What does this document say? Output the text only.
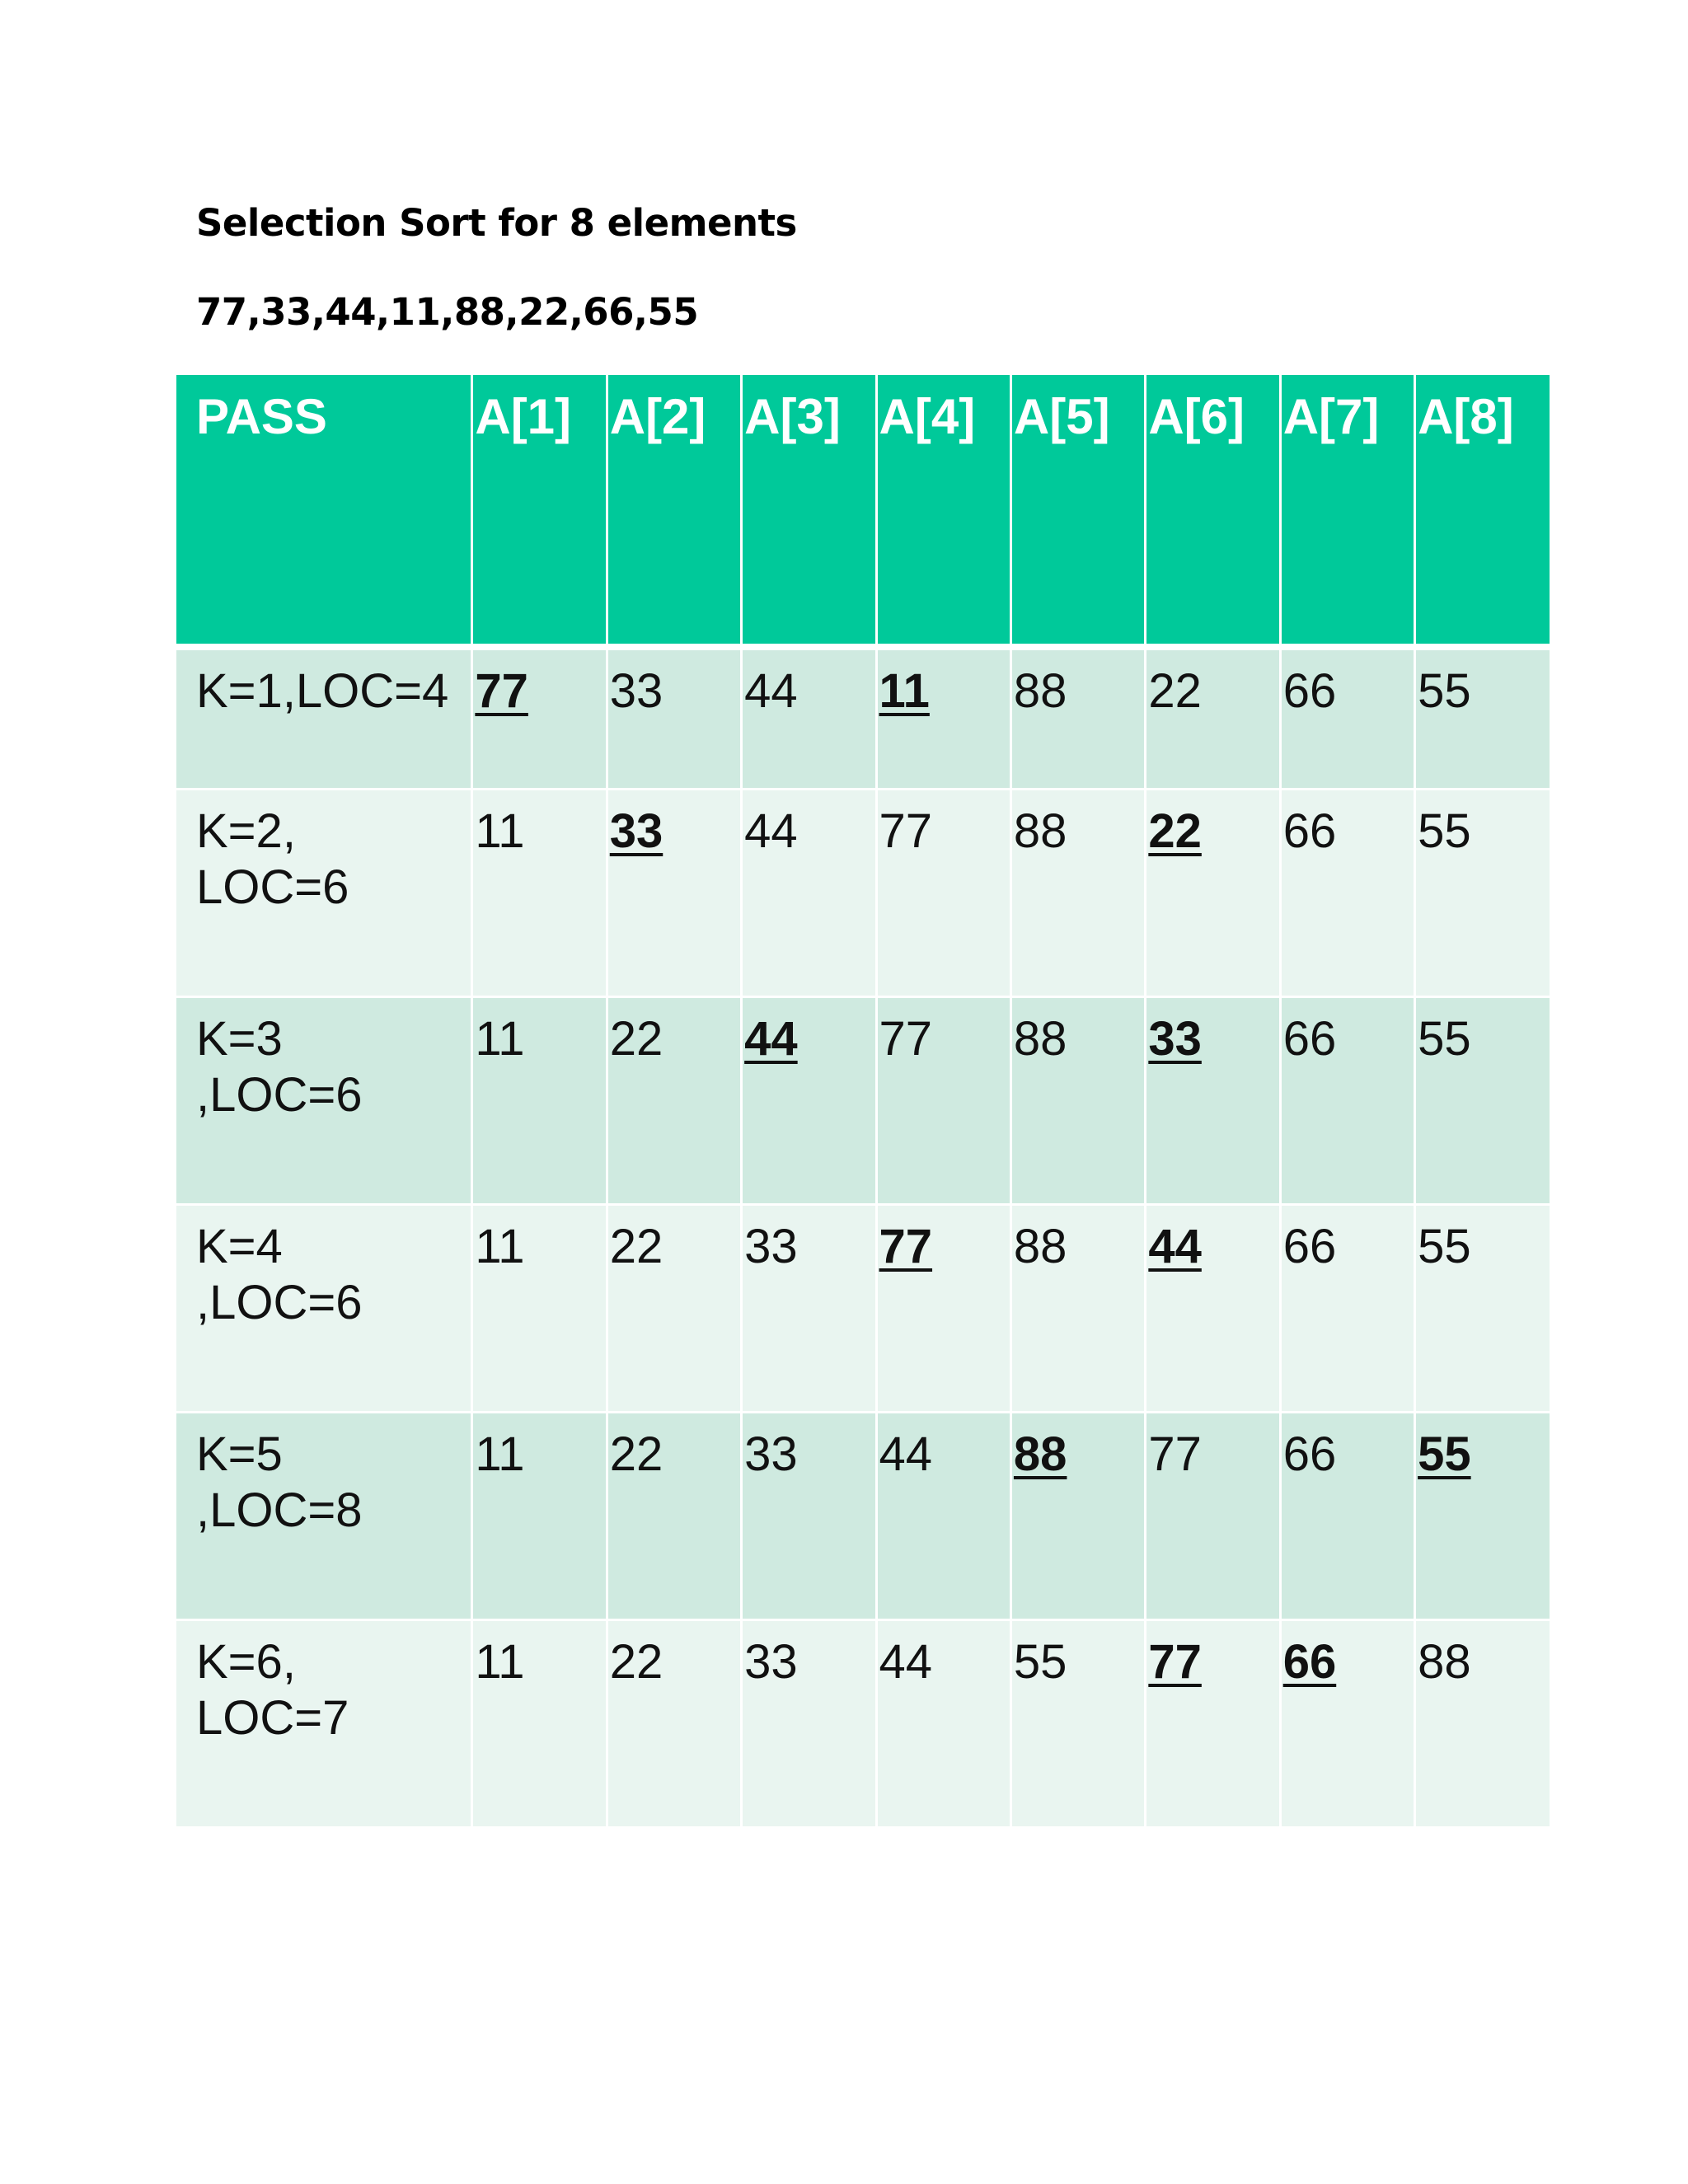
Selection Sort for 8 elements
77,33,44,11,88,22,66,55
PASS	A[1]	A[2]	A[3]	A[4]	A[5]	A[6]	A[7]	A[8]
K=1,LOC=4	77	33	44	11	88	22	66	55
K=2,
LOC=6	11	33	44	77	88	22	66	55
K=3
,LOC=6	11	22	44	77	88	33	66	55
K=4
,LOC=6	11	22	33	77	88	44	66	55
K=5
,LOC=8	11	22	33	44	88	77	66	55
K=6,
LOC=7	11	22	33	44	55	77	66	88
